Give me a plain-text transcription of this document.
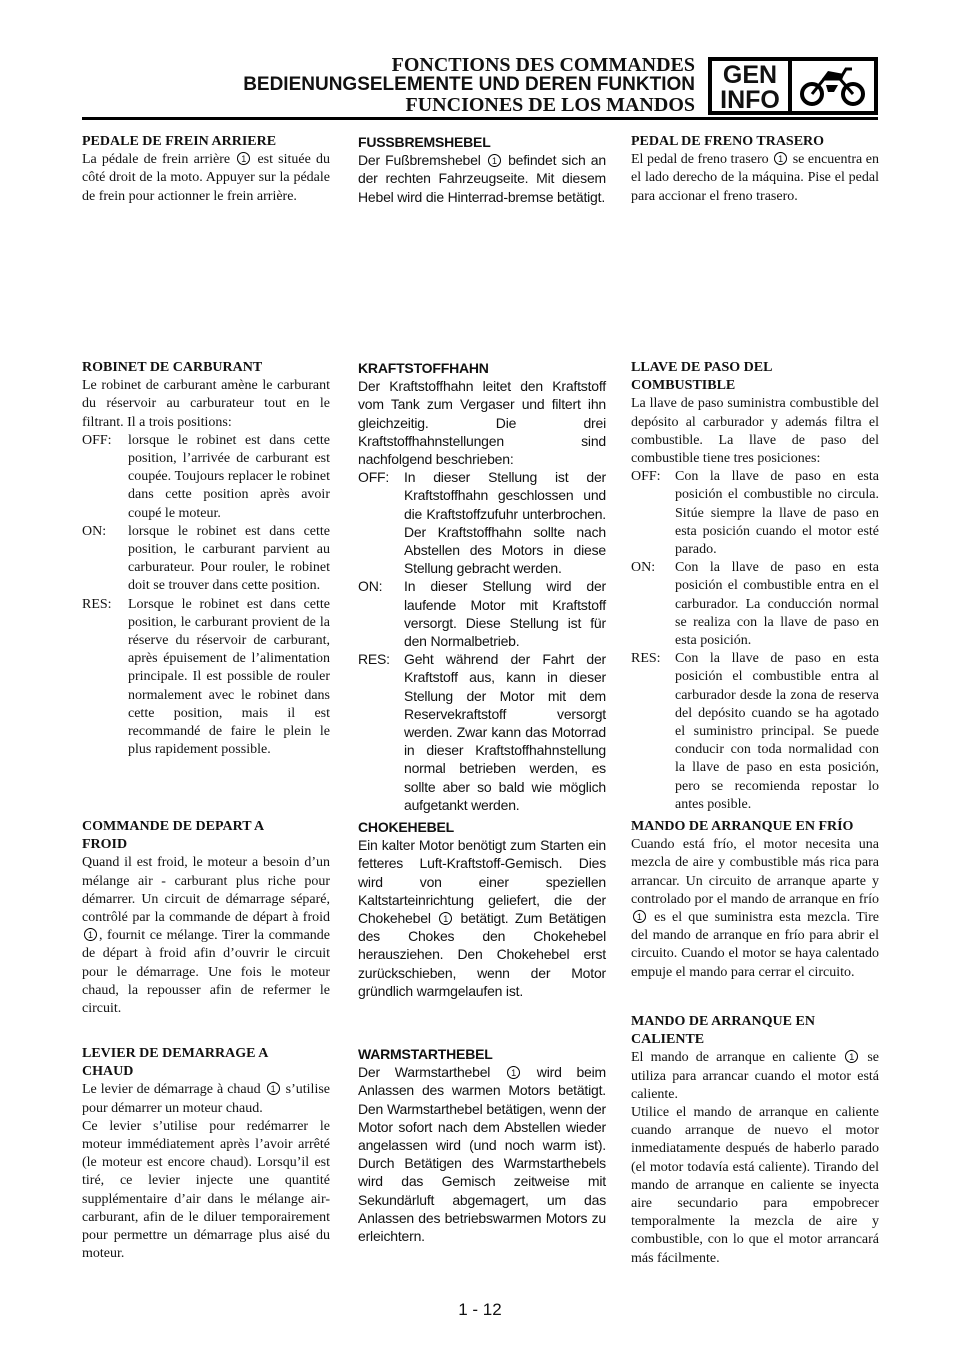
FONCTIONS DES COMMANDES
BEDIENUNGSELEMENTE UND DEREN FUNKTION
FUNCIONES DE LOS MANDOS
GEN
INFO
PEDALE DE FREIN ARRIERE

La pédale de frein arrière 1 est située du côté droit de la moto. Appuyer sur la pédale de frein pour actionner le frein arrière.

ROBINET DE CARBURANT

Le robinet de carburant amène le carburant du réservoir au carburateur tout en le filtrant. Il a trois positions:

OFF:	lorsque le robinet est dans cette position, l’arrivée de carburant est coupée. Toujours replacer le robinet dans cette position après avoir coupé le moteur.
ON:	lorsque le robinet est dans cette position, le carburant parvient au carburateur. Pour rouler, le robinet doit se trouver dans cette position.
RES:	Lorsque le robinet est dans cette position, le carburant provient de la réserve du réservoir de carburant, après épuisement de l’alimentation principale. Il est possible de rouler normalement avec le robinet dans cette position, mais il est recommandé de faire le plein le plus rapidement possible.
COMMANDE DE DEPART A
FROID

Quand il est froid, le moteur a besoin d’un mélange air - carburant plus riche pour démarrer. Un circuit de démarrage séparé, contrôlé par la commande de départ à froid 1 , fournit ce mélange. Tirer la commande de départ à froid afin d’ouvrir le circuit pour le démarrage. Une fois le moteur chaud, la repousser afin de refermer le circuit.

LEVIER DE DEMARRAGE A
CHAUD

Le levier de démarrage à chaud 1 s’utilise pour démarrer un moteur chaud.

Ce levier s’utilise pour redémarrer le moteur immédiatement après l’avoir arrêté (le moteur est encore chaud). Lorsqu’il est tiré, ce levier injecte une quantité supplémentaire d’air dans le mélange air-carburant, afin de le diluer temporairement pour permettre un démarrage plus aisé du moteur.

FUSSBREMSHEBEL

Der Fußbremshebel 1 befindet sich an der rechten Fahrzeugseite. Mit diesem Hebel wird die Hinterrad-bremse betätigt.

KRAFTSTOFFHAHN

Der Kraftstoffhahn leitet den Kraftstoff vom Tank zum Vergaser und filtert ihn gleichzeitig. Die drei Kraftstoffhahnstellungen sind nachfolgend beschrieben:

OFF:	In dieser Stellung ist der Kraftstoffhahn geschlossen und die Kraftstoffzufuhr unterbrochen. Der Kraftstoffhahn sollte nach Abstellen des Motors in diese Stellung gebracht werden.
ON:	In dieser Stellung wird der laufende Motor mit Kraftstoff versorgt. Diese Stellung ist für den Normalbetrieb.
RES:	Geht während der Fahrt der Kraftstoff aus, kann in dieser Stellung der Motor mit dem Reservekraftstoff versorgt werden. Zwar kann das Motorrad in dieser Kraftstoffhahnstellung normal betrieben werden, es sollte aber so bald wie möglich aufgetankt werden.
CHOKEHEBEL

Ein kalter Motor benötigt zum Starten ein fetteres Luft-Kraftstoff-Gemisch. Dies wird von einer speziellen Kaltstarteinrichtung geliefert, die der Chokehebel 1 betätigt. Zum Betätigen des Chokes den Chokehebel herausziehen. Den Chokehebel erst zurückschieben, wenn der Motor gründlich warmgelaufen ist.

WARMSTARTHEBEL

Der Warmstarthebel 1 wird beim Anlassen des warmen Motors betätigt. Den Warmstarthebel betätigen, wenn der Motor sofort nach dem Abstellen wieder angelassen wird (und noch warm ist). Durch Betätigen des Warmstarthebels wird das Gemisch zeitweise mit Sekundärluft abgemagert, um das Anlassen des betriebswarmen Motors zu erleichtern.

PEDAL DE FRENO TRASERO

El pedal de freno trasero 1 se encuentra en el lado derecho de la máquina. Pise el pedal para accionar el freno trasero.

LLAVE DE PASO DEL
COMBUSTIBLE

La llave de paso suministra combustible del depósito al carburador y además filtra el combustible. La llave de paso del combustible tiene tres posiciones:

OFF:	Con la llave de paso en esta posición el combustible no circula. Sitúe siempre la llave de paso en esta posición cuando el motor esté parado.
ON:	Con la llave de paso en esta posición el combustible entra en el carburador. La conducción normal se realiza con la llave de paso en esta posición.
RES:	Con la llave de paso en esta posición el combustible entra al carburador desde la zona de reserva del depósito cuando se ha agotado el suministro principal. Se puede conducir con toda normalidad con la llave de paso en esta posición, pero se recomienda repostar lo antes posible.
MANDO DE ARRANQUE EN FRÍO

Cuando está frío, el motor necesita una mezcla de aire y combustible más rica para arrancar. Un circuito de arranque aparte y controlado por el mando de arranque en frío 1 es el que suministra esta mezcla. Tire del mando de arranque en frío para abrir el circuito. Cuando el motor se haya calentado empuje el mando para cerrar el circuito.

MANDO DE ARRANQUE EN
CALIENTE

El mando de arranque en caliente 1 se utiliza para arrancar cuando el motor está caliente.

Utilice el mando de arranque en caliente cuando arranque de nuevo el motor inmediatamente después de haberlo parado (el motor todavía está caliente). Tirando del mando de arranque en caliente se inyecta aire secundario para empobrecer temporalmente la mezcla de aire y combustible, con lo que el motor arrancará más fácilmente.

1 - 12
